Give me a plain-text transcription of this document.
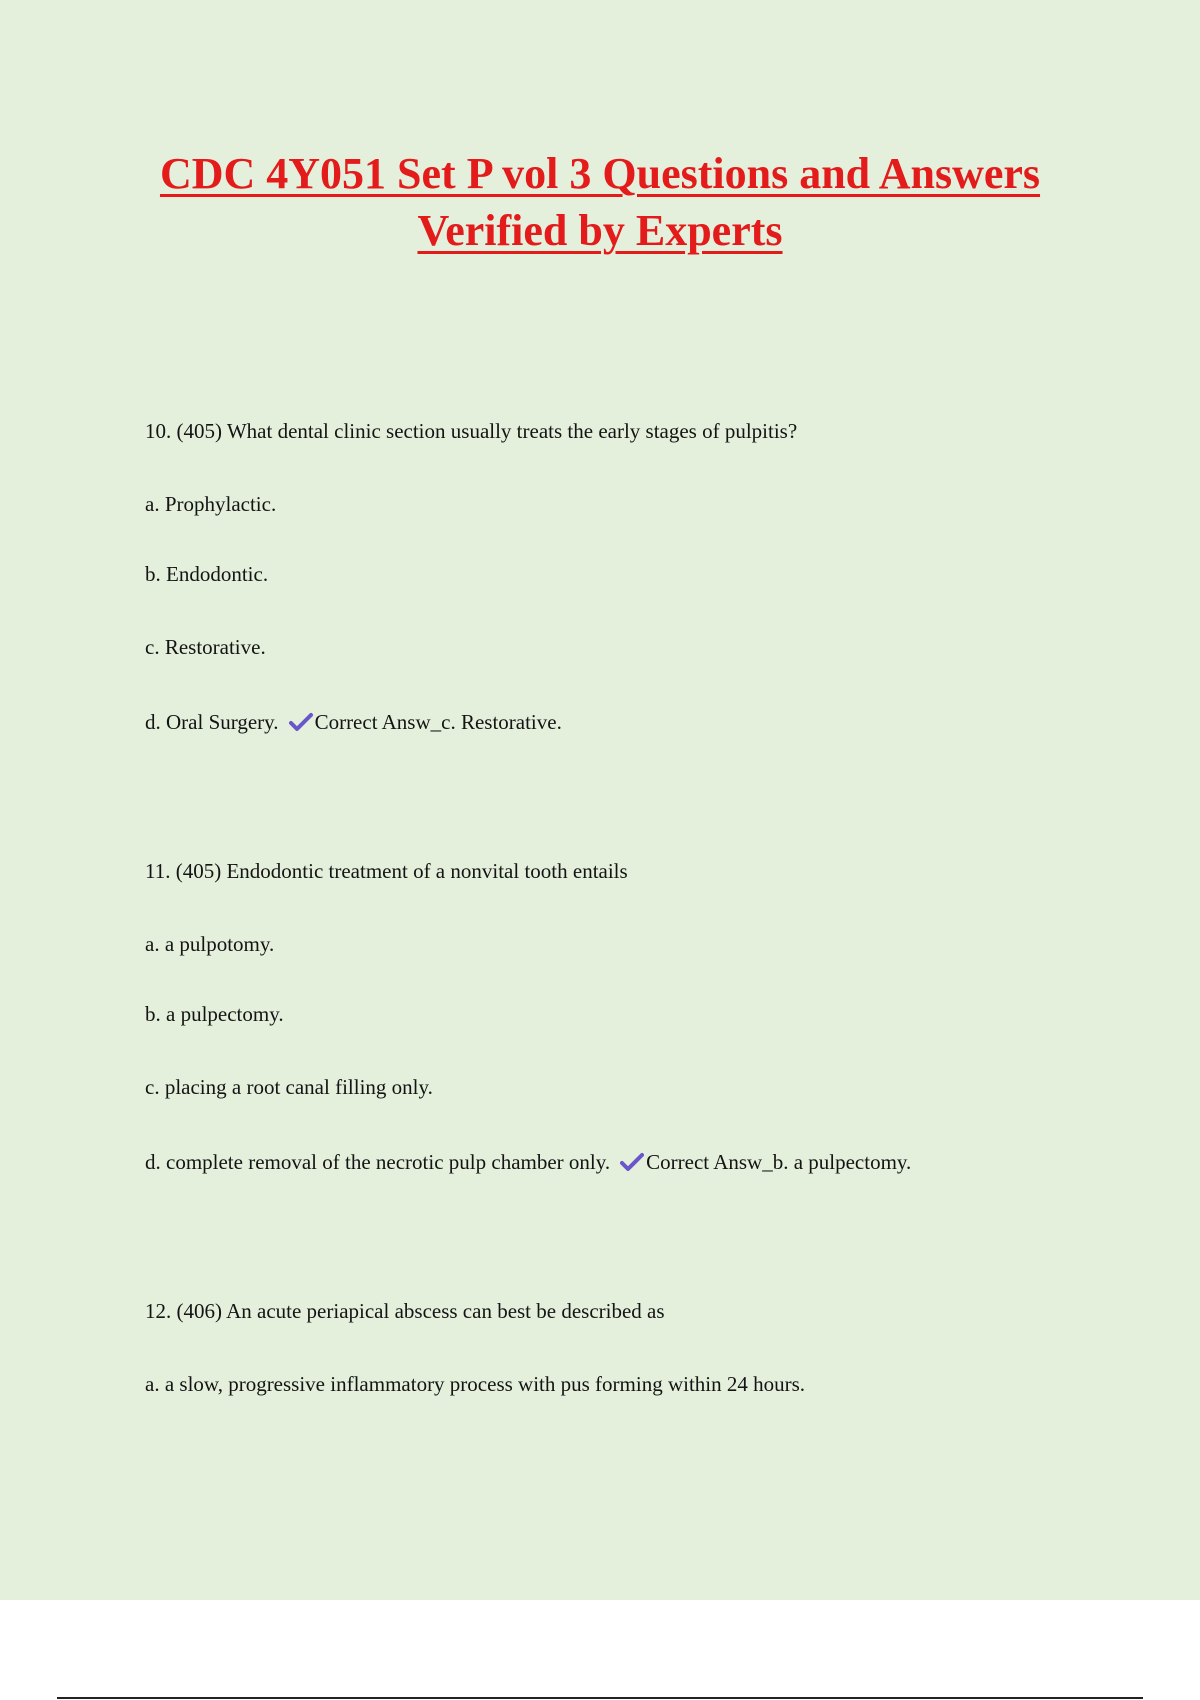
CDC 4Y051 Set P vol 3 Questions and Answers Verified by Experts

10. (405) What dental clinic section usually treats the early stages of pulpitis?

a. Prophylactic.

b. Endodontic.

c. Restorative.

d. Oral Surgery. Correct Answ_c. Restorative.

11. (405) Endodontic treatment of a nonvital tooth entails

a. a pulpotomy.

b. a pulpectomy.

c. placing a root canal filling only.

d. complete removal of the necrotic pulp chamber only. Correct Answ_b. a pulpectomy.

12. (406) An acute periapical abscess can best be described as

a. a slow, progressive inflammatory process with pus forming within 24 hours.
